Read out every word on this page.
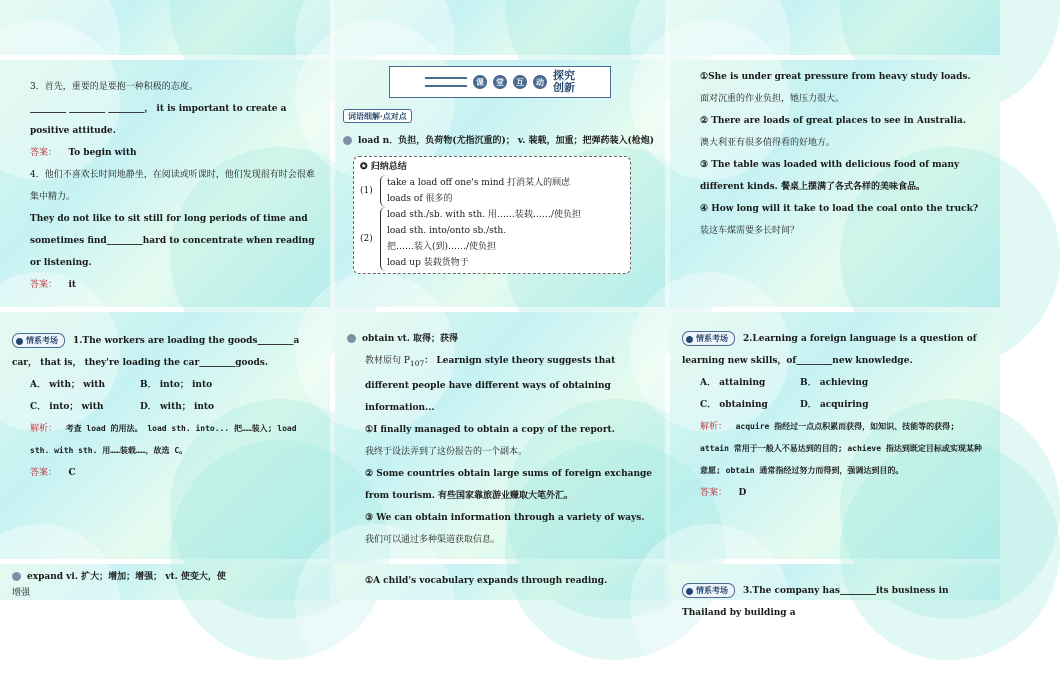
3．首先，重要的是要抱一种积极的态度。
________ ________ ________， it is important to create a positive attitude.
答案： To begin with
4．他们不喜欢长时间地静坐，在阅读或听课时，他们发现很有时会很难集中精力。
They do not like to sit still for long periods of time and sometimes find________hard to concentrate when reading or listening.
答案： it
课	堂	互	动 探究
创新
词语细解·点对点
load n．负担，负荷物(尤指沉重的)； v. 装载，加重；把弹药装入(枪炮)
✪ 归纳总结
(1)
take a load off one's mind 打消某人的顾虑
loads of 很多的
(2)
load sth./sb. with sth. 用……装载……/使负担
load sth. into/onto sb./sth.
把……装入(到)……/使负担
load up 装载货物于
①She is under great pressure from heavy study loads.
面对沉重的作业负担，她压力很大。
② There are loads of great places to see in Australia.
澳大利亚有很多值得看的好地方。
③ The table was loaded with delicious food of many different kinds. 餐桌上摆满了各式各样的美味食品。
④ How long will it take to load the coal onto the truck?
装这车煤需要多长时间？
情系考场 1.The workers are loading the goods________a car， that is， they're loading the car________goods.
A． with； with	B． into； into
C． into； with	D． with； into
解析： 考查 load 的用法。 load sth. into... 把……装入; load sth. with sth. 用……装载……，故选 C。
答案： C
obtain vt. 取得；获得
教材原句 $P_{107}$： Learnign style theory suggests that different people have different ways of obtaining information...
①I finally managed to obtain a copy of the report.
我终于设法弄到了这份报告的一个副本。
② Some countries obtain large sums of foreign exchange from tourism. 有些国家靠旅游业赚取大笔外汇。
③ We can obtain information through a variety of ways.
我们可以通过多种渠道获取信息。
情系考场 2.Learning a foreign language is a question of learning new skills，of________new knowledge.
A． attaining	B． achieving
C． obtaining	D． acquiring
解析： acquire 指经过一点点积累而获得，如知识、技能等的获得; attain 常用于一般人不易达到的目的; achieve 指达到既定目标或实现某种意愿; obtain 通常指经过努力而得到，强调达到目的。
答案： D
expand vi. 扩大；增加；增强； vt. 使变大，使
增强
①A child's vocabulary expands through reading.
情系考场 3.The company has________its business in Thailand by building a
